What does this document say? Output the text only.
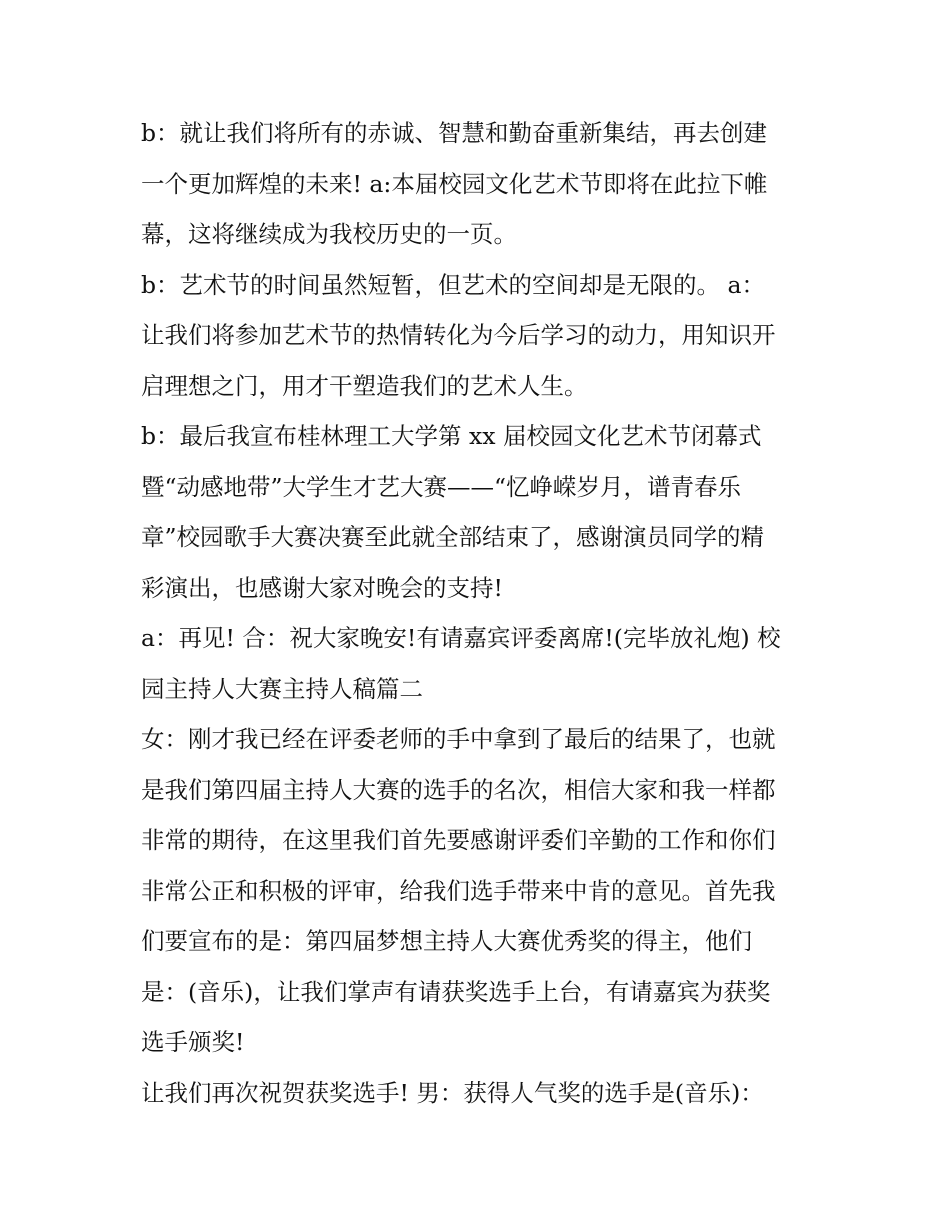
b：就让我们将所有的赤诚、智慧和勤奋重新集结，再去创建
一个更加辉煌的未来! a:本届校园文化艺术节即将在此拉下帷
幕，这将继续成为我校历史的一页。
b：艺术节的时间虽然短暂，但艺术的空间却是无限的。 a：
让我们将参加艺术节的热情转化为今后学习的动力，用知识开
启理想之门，用才干塑造我们的艺术人生。
b：最后我宣布桂林理工大学第 xx 届校园文化艺术节闭幕式
暨“动感地带”大学生才艺大赛——“忆峥嵘岁月，谱青春乐
章”校园歌手大赛决赛至此就全部结束了，感谢演员同学的精
彩演出，也感谢大家对晚会的支持!
a：再见! 合：祝大家晚安!有请嘉宾评委离席!(完毕放礼炮) 校
园主持人大赛主持人稿篇二
女：刚才我已经在评委老师的手中拿到了最后的结果了，也就
是我们第四届主持人大赛的选手的名次，相信大家和我一样都
非常的期待，在这里我们首先要感谢评委们辛勤的工作和你们
非常公正和积极的评审，给我们选手带来中肯的意见。首先我
们要宣布的是：第四届梦想主持人大赛优秀奖的得主，他们
是：(音乐)，让我们掌声有请获奖选手上台，有请嘉宾为获奖
选手颁奖!
让我们再次祝贺获奖选手! 男：获得人气奖的选手是(音乐)：
